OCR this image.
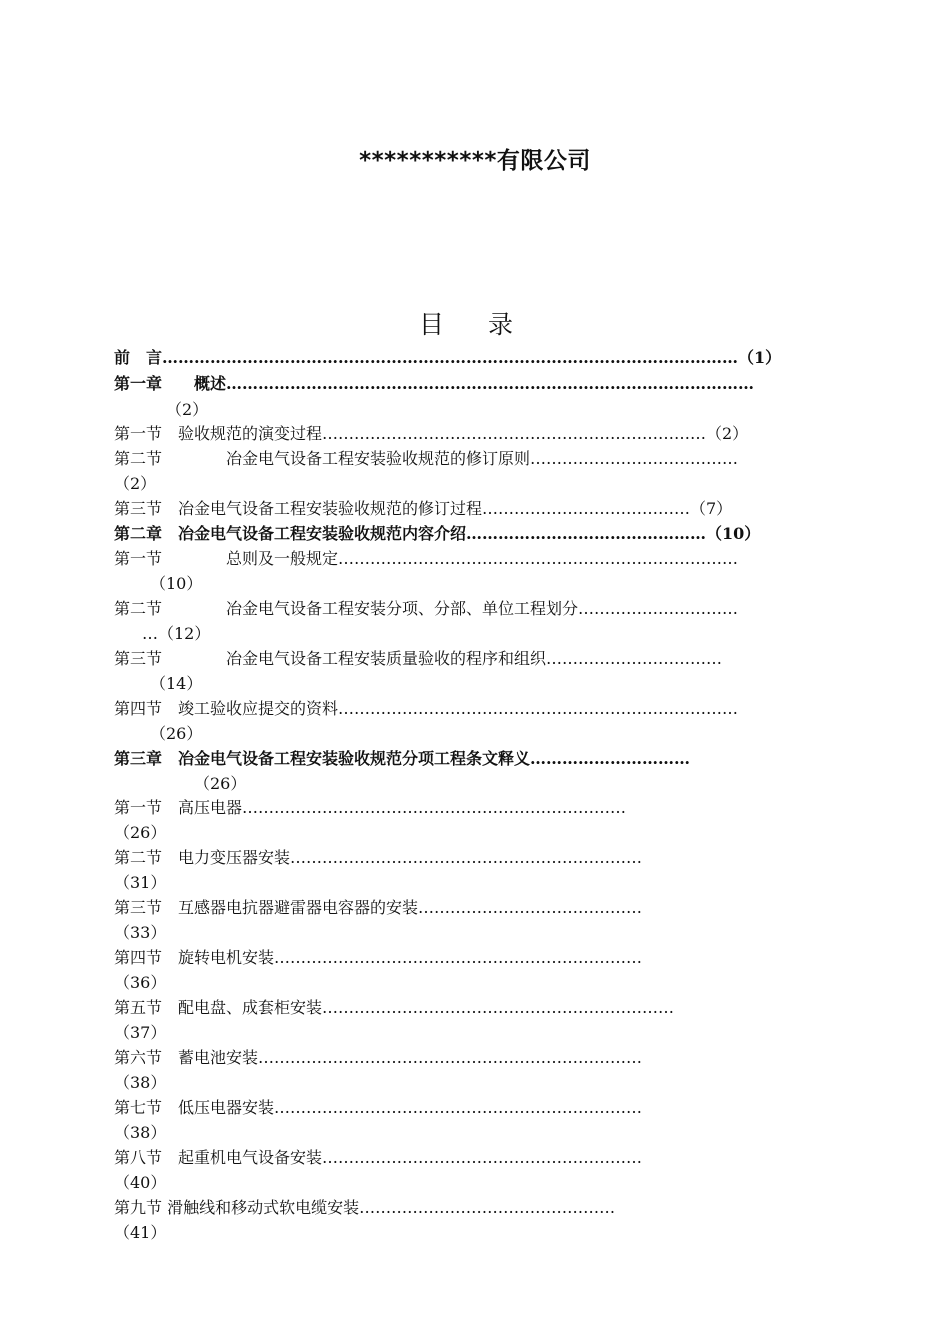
***********有限公司
目 录
前　言………………………………………………………………………………………………（1）
第一章　　概述………………………………………………………………………………………
（2）
第一节　验收规范的演变过程………………………………………………………………（2）
第二节　　　　冶金电气设备工程安装验收规范的修订原则…………………………………
（2）
第三节　冶金电气设备工程安装验收规范的修订过程…………………………………（7）
第二章　冶金电气设备工程安装验收规范内容介绍………………………………………（10）
第一节　　　　总则及一般规定…………………………………………………………………
（10）
第二节　　　　冶金电气设备工程安装分项、分部、单位工程划分…………………………
…（12）
第三节　　　　冶金电气设备工程安装质量验收的程序和组织……………………………
（14）
第四节　竣工验收应提交的资料…………………………………………………………………
（26）
第三章　冶金电气设备工程安装验收规范分项工程条文释义…………………………
（26）
第一节　高压电器………………………………………………………………
（26）
第二节　电力变压器安装…………………………………………………………
（31）
第三节　互感器电抗器避雷器电容器的安装……………………………………
（33）
第四节　旋转电机安装……………………………………………………………
（36）
第五节　配电盘、成套柜安装…………………………………………………………
（37）
第六节　蓄电池安装………………………………………………………………
（38）
第七节　低压电器安装……………………………………………………………
（38）
第八节　起重机电气设备安装……………………………………………………
（40）
第九节 滑触线和移动式软电缆安装…………………………………………
（41）
